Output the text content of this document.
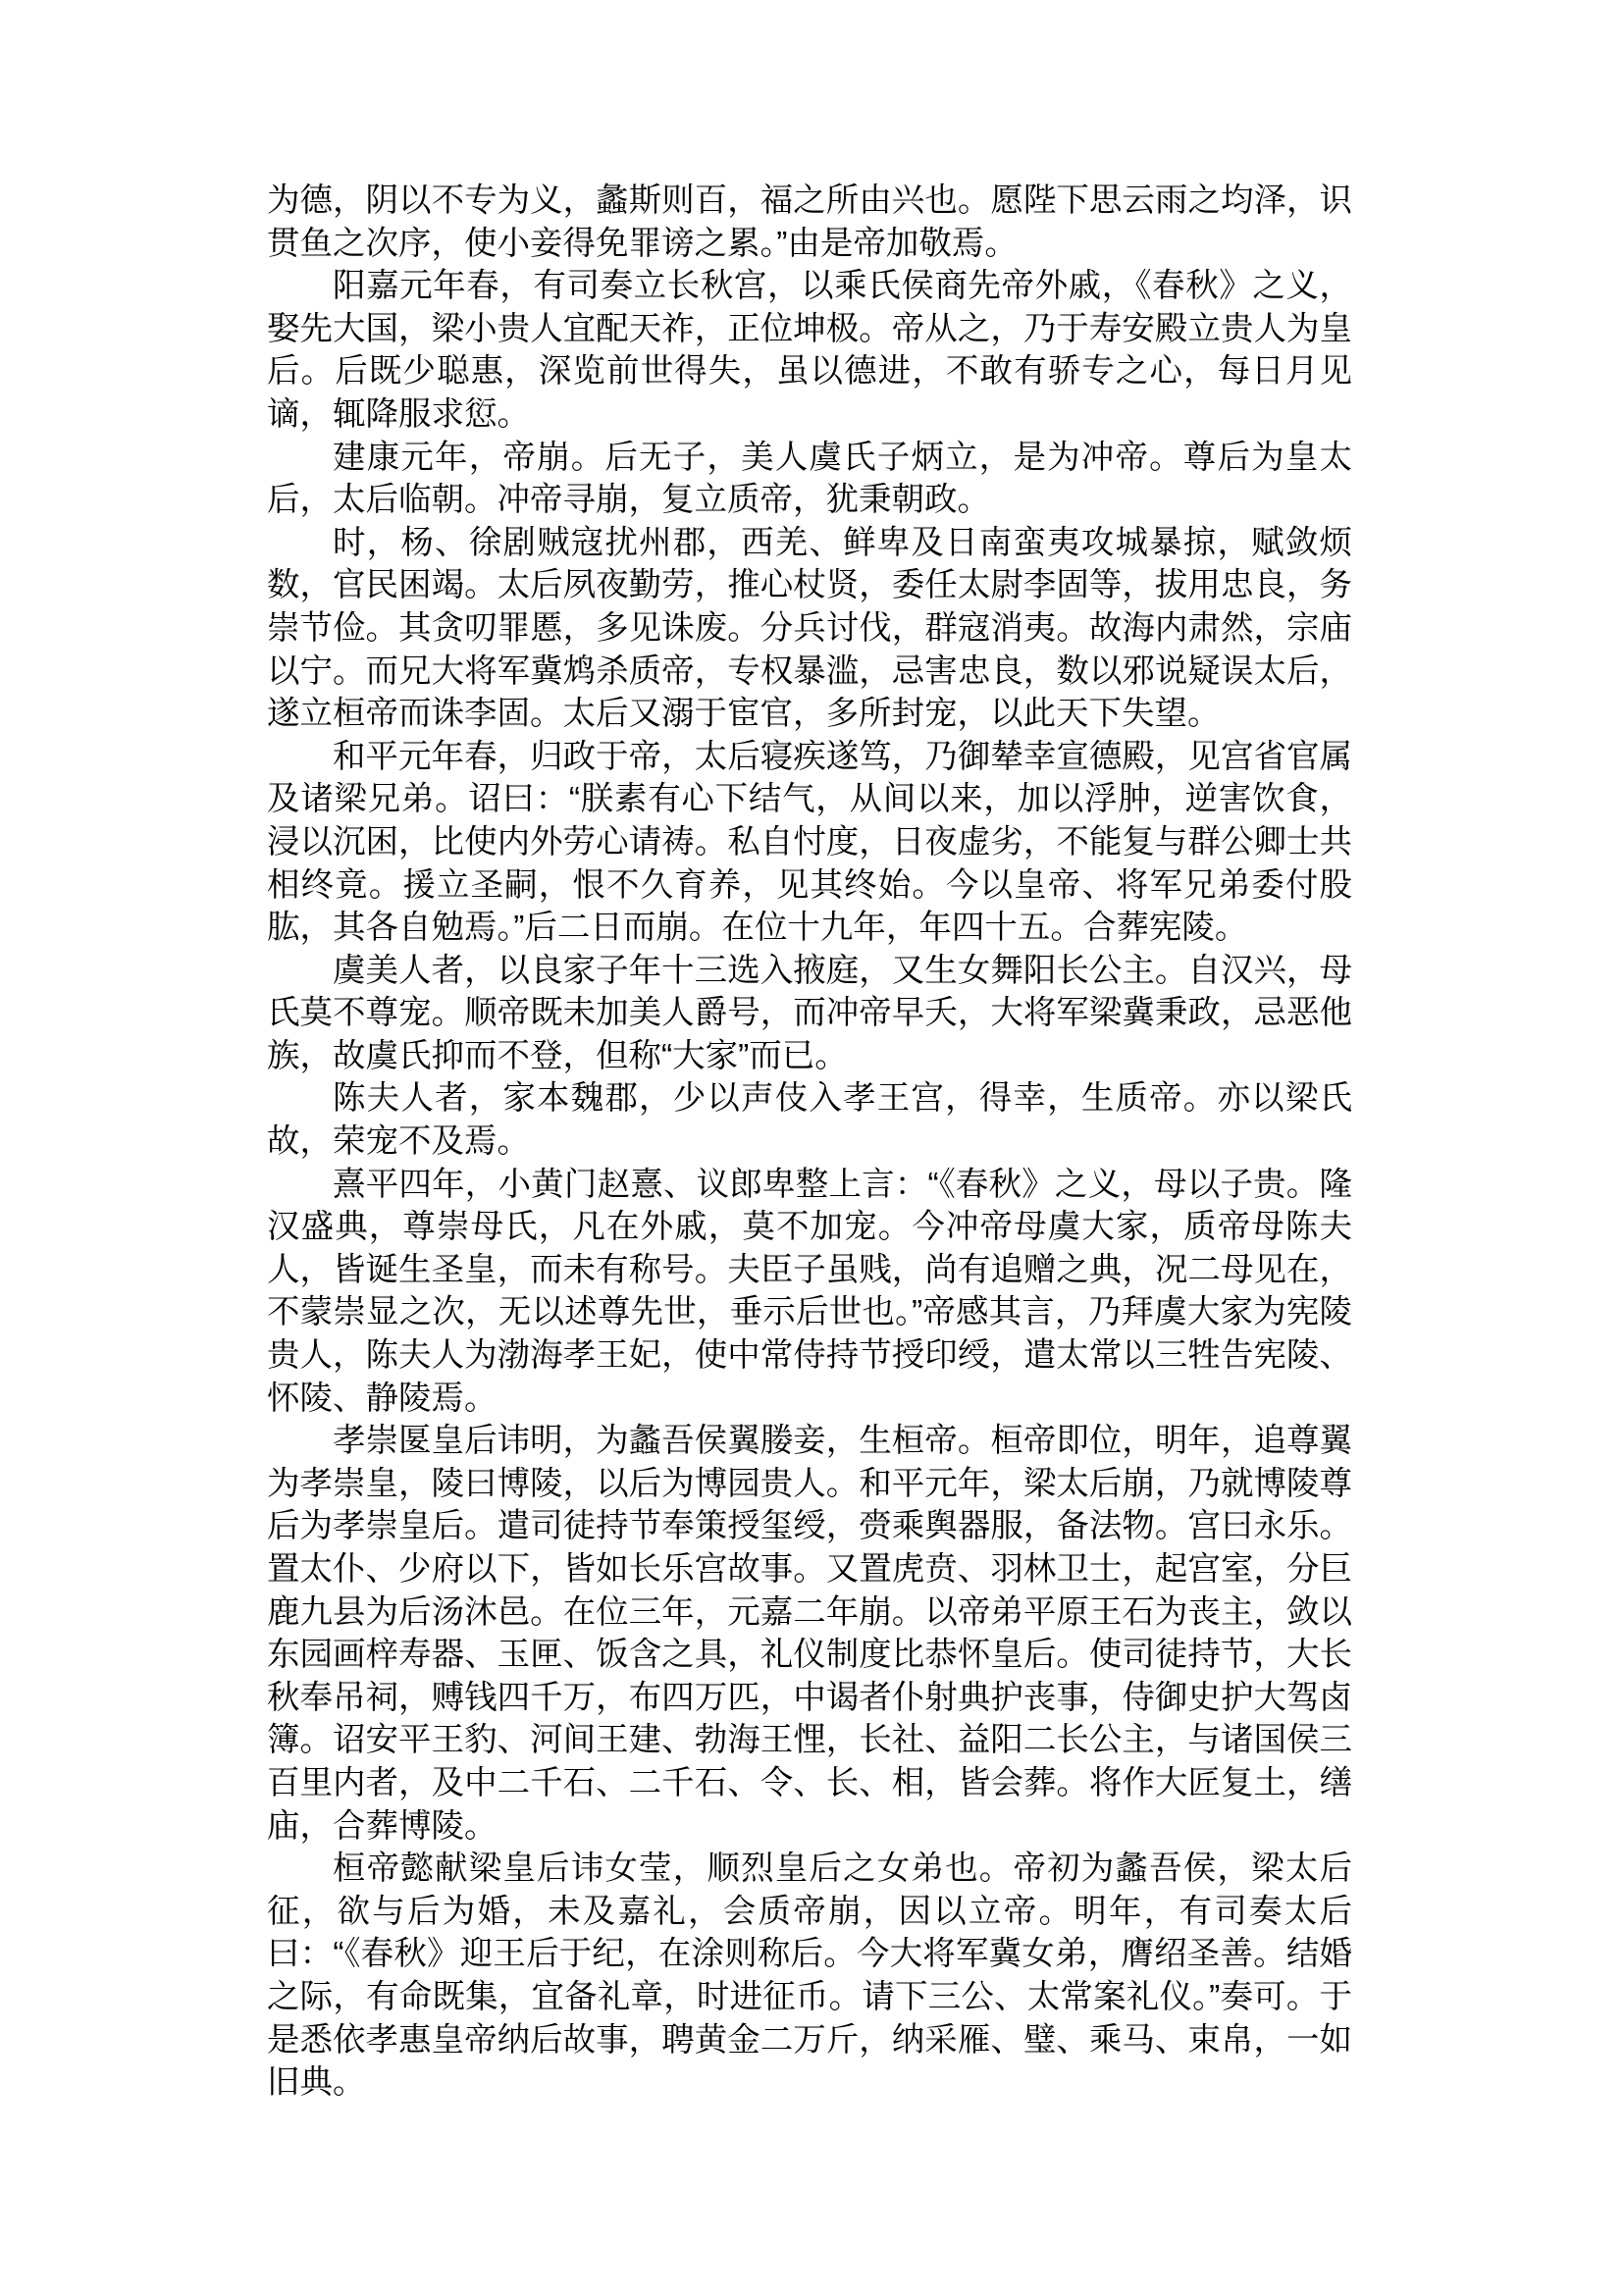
为德，阴以不专为义，蠡斯则百，福之所由兴也。愿陛下思云雨之均泽，识贯鱼之次序，使小妾得免罪谤之累。”由是帝加敬焉。

阳嘉元年春，有司奏立长秋宫，以乘氏侯商先帝外戚，《春秋》之义，娶先大国，梁小贵人宜配天祚，正位坤极。帝从之，乃于寿安殿立贵人为皇后。后既少聪惠，深览前世得失，虽以德进，不敢有骄专之心，每日月见谪，辄降服求愆。

建康元年，帝崩。后无子，美人虞氏子炳立，是为冲帝。尊后为皇太后，太后临朝。冲帝寻崩，复立质帝，犹秉朝政。

时，杨、徐剧贼寇扰州郡，西羌、鲜卑及日南蛮夷攻城暴掠，赋敛烦数，官民困竭。太后夙夜勤劳，推心杖贤，委任太尉李固等，拔用忠良，务崇节俭。其贪叨罪慝，多见诛废。分兵讨伐，群寇消夷。故海内肃然，宗庙以宁。而兄大将军冀鸩杀质帝，专权暴滥，忌害忠良，数以邪说疑误太后，遂立桓帝而诛李固。太后又溺于宦官，多所封宠，以此天下失望。

和平元年春，归政于帝，太后寝疾遂笃，乃御辇幸宣德殿，见宫省官属及诸梁兄弟。诏曰：“朕素有心下结气，从间以来，加以浮肿，逆害饮食，浸以沉困，比使内外劳心请祷。私自忖度，日夜虚劣，不能复与群公卿士共相终竟。援立圣嗣，恨不久育养，见其终始。今以皇帝、将军兄弟委付股肱，其各自勉焉。”后二日而崩。在位十九年，年四十五。合葬宪陵。

虞美人者，以良家子年十三选入掖庭，又生女舞阳长公主。自汉兴，母氏莫不尊宠。顺帝既未加美人爵号，而冲帝早夭，大将军梁冀秉政，忌恶他族，故虞氏抑而不登，但称“大家”而已。

陈夫人者，家本魏郡，少以声伎入孝王宫，得幸，生质帝。亦以梁氏故，荣宠不及焉。

熹平四年，小黄门赵憙、议郎卑整上言：“《春秋》之义，母以子贵。隆汉盛典，尊崇母氏，凡在外戚，莫不加宠。今冲帝母虞大家，质帝母陈夫人，皆诞生圣皇，而未有称号。夫臣子虽贱，尚有追赠之典，况二母见在，不蒙崇显之次，无以述尊先世，垂示后世也。”帝感其言，乃拜虞大家为宪陵贵人，陈夫人为渤海孝王妃，使中常侍持节授印绶，遣太常以三牲告宪陵、怀陵、静陵焉。

孝崇匽皇后讳明，为蠡吾侯翼媵妾，生桓帝。桓帝即位，明年，追尊翼为孝崇皇，陵曰博陵，以后为博园贵人。和平元年，梁太后崩，乃就博陵尊后为孝崇皇后。遣司徒持节奉策授玺绶，赍乘舆器服，备法物。宫曰永乐。置太仆、少府以下，皆如长乐宫故事。又置虎贲、羽林卫士，起宫室，分巨鹿九县为后汤沐邑。在位三年，元嘉二年崩。以帝弟平原王石为丧主，敛以东园画梓寿器、玉匣、饭含之具，礼仪制度比恭怀皇后。使司徒持节，大长秋奉吊祠，赙钱四千万，布四万匹，中谒者仆射典护丧事，侍御史护大驾卤簿。诏安平王豹、河间王建、勃海王悝，长社、益阳二长公主，与诸国侯三百里内者，及中二千石、二千石、令、长、相，皆会葬。将作大匠复土，缮庙，合葬博陵。

桓帝懿献梁皇后讳女莹，顺烈皇后之女弟也。帝初为蠡吾侯，梁太后征，欲与后为婚，未及嘉礼，会质帝崩，因以立帝。明年，有司奏太后曰：“《春秋》迎王后于纪，在涂则称后。今大将军冀女弟，膺绍圣善。结婚之际，有命既集，宜备礼章，时进征币。请下三公、太常案礼仪。”奏可。于是悉依孝惠皇帝纳后故事，聘黄金二万斤，纳采雁、璧、乘马、束帛，一如旧典。
